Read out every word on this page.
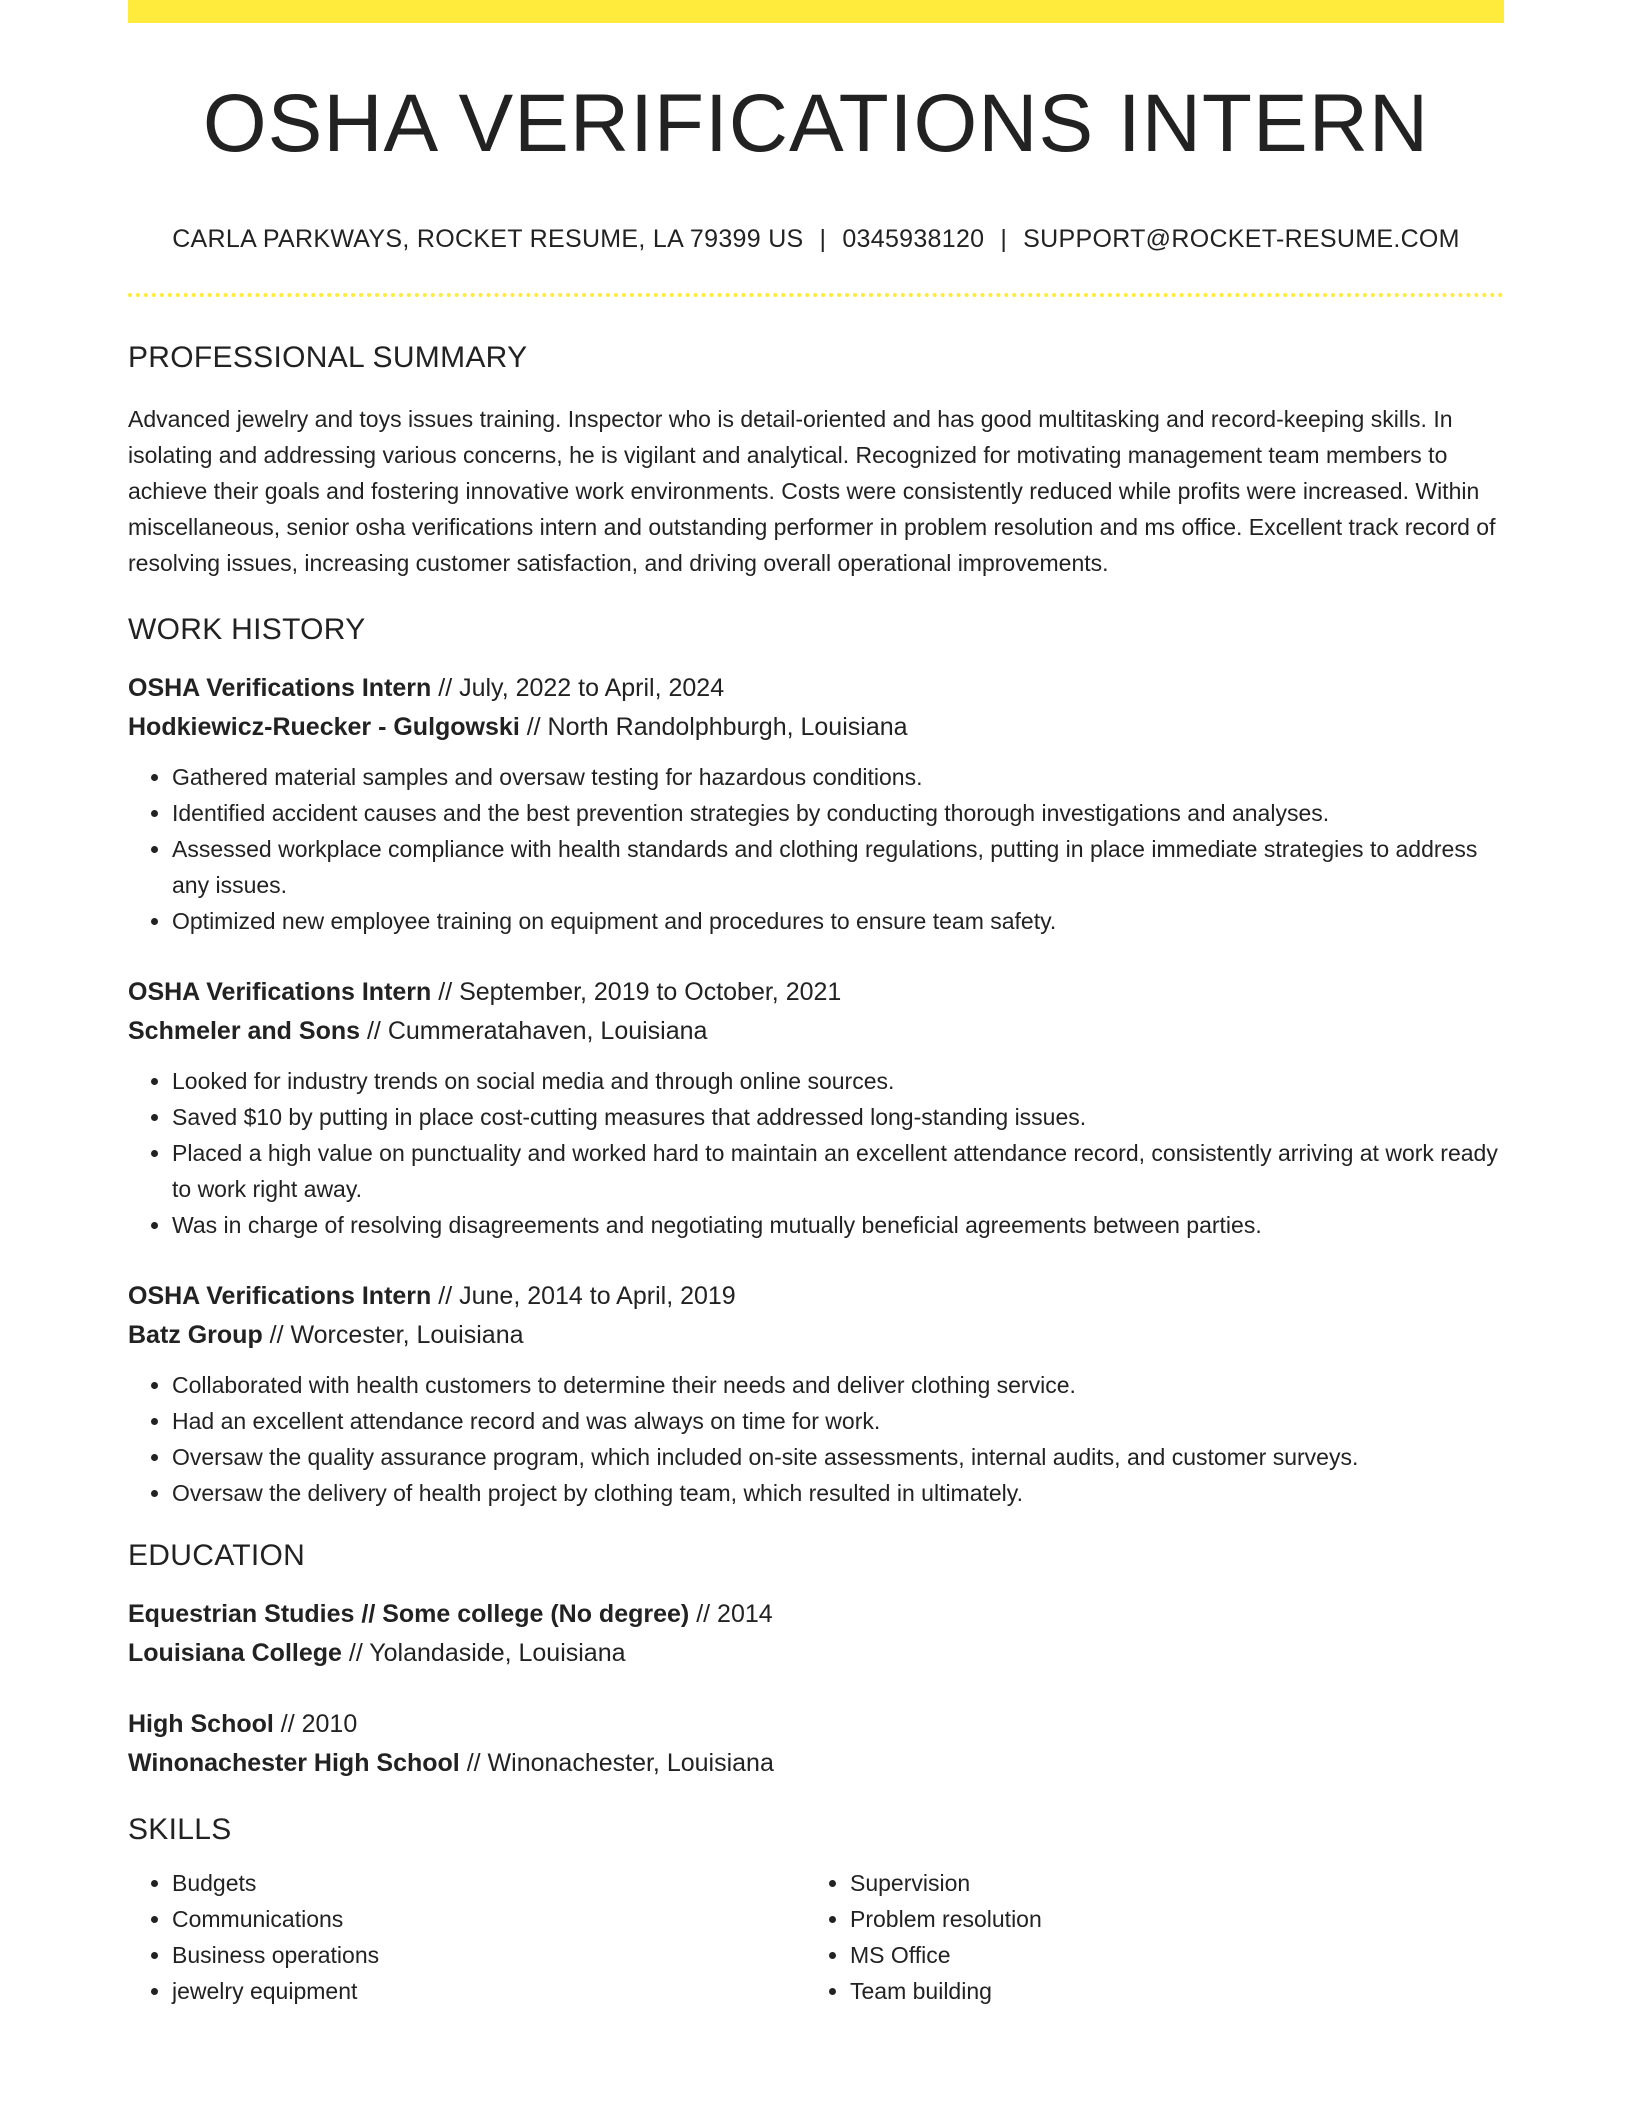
OSHA VERIFICATIONS INTERN
CARLA PARKWAYS, ROCKET RESUME, LA 79399 US | 0345938120 | SUPPORT@ROCKET-RESUME.COM
PROFESSIONAL SUMMARY

Advanced jewelry and toys issues training. Inspector who is detail-oriented and has good multitasking and record-keeping skills. In isolating and addressing various concerns, he is vigilant and analytical. Recognized for motivating management team members to achieve their goals and fostering innovative work environments. Costs were consistently reduced while profits were increased. Within miscellaneous, senior osha verifications intern and outstanding performer in problem resolution and ms office. Excellent track record of resolving issues, increasing customer satisfaction, and driving overall operational improvements.

WORK HISTORY
OSHA Verifications Intern // July, 2022 to April, 2024
Hodkiewicz-Ruecker - Gulgowski // North Randolphburgh, Louisiana
• Gathered material samples and oversaw testing for hazardous conditions.
• Identified accident causes and the best prevention strategies by conducting thorough investigations and analyses.
• Assessed workplace compliance with health standards and clothing regulations, putting in place immediate strategies to address any issues.
• Optimized new employee training on equipment and procedures to ensure team safety.
OSHA Verifications Intern // September, 2019 to October, 2021
Schmeler and Sons // Cummeratahaven, Louisiana
• Looked for industry trends on social media and through online sources.
• Saved $10 by putting in place cost-cutting measures that addressed long-standing issues.
• Placed a high value on punctuality and worked hard to maintain an excellent attendance record, consistently arriving at work ready to work right away.
• Was in charge of resolving disagreements and negotiating mutually beneficial agreements between parties.
OSHA Verifications Intern // June, 2014 to April, 2019
Batz Group // Worcester, Louisiana
• Collaborated with health customers to determine their needs and deliver clothing service.
• Had an excellent attendance record and was always on time for work.
• Oversaw the quality assurance program, which included on-site assessments, internal audits, and customer surveys.
• Oversaw the delivery of health project by clothing team, which resulted in ultimately.
EDUCATION
Equestrian Studies // Some college (No degree) // 2014
Louisiana College // Yolandaside, Louisiana
High School // 2010
Winonachester High School // Winonachester, Louisiana
SKILLS
• Budgets
• Communications
• Business operations
• jewelry equipment
• Supervision
• Problem resolution
• MS Office
• Team building
